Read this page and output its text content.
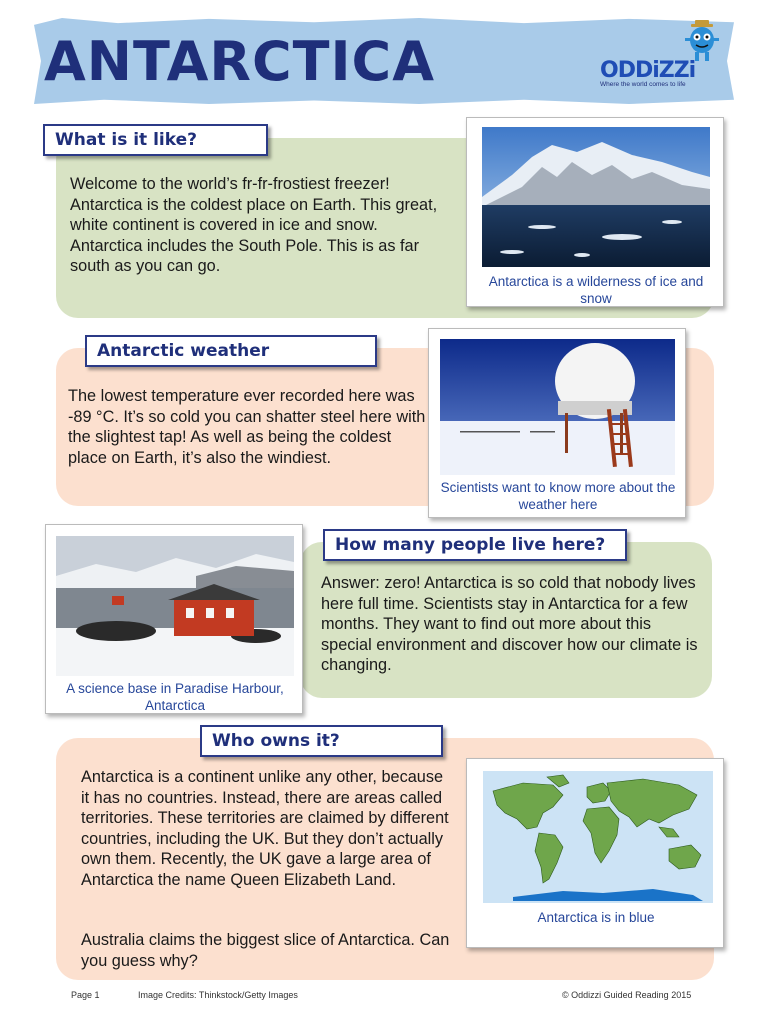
ANTARCTICA	ODDiZZi
Where the world comes to life
What is it like?
Welcome to the world’s fr-fr-frostiest freezer! Antarctica is the coldest place on Earth. This great, white continent is covered in ice and snow. Antarctica includes the South Pole. This is as far south as you can go.
Antarctica is a wilderness of ice and snow
Antarctic weather
The lowest temperature ever recorded here was -89 °C. It’s so cold you can shatter steel here with the slightest tap! As well as being the coldest place on Earth, it’s also the windiest.
Scientists want to know more about the weather here
How many people live here?
Answer: zero! Antarctica is so cold that nobody lives here full time. Scientists stay in Antarctica for a few months. They want to find out more about this special environment and discover how our climate is changing.
A science base in Paradise Harbour, Antarctica
Who owns it?
Antarctica is a continent unlike any other, because it has no countries. Instead, there are areas called territories. These territories are claimed by different countries, including the UK. But they don’t actually own them. Recently, the UK gave a large area of Antarctica the name Queen Elizabeth Land.
Australia claims the biggest slice of Antarctica. Can you guess why?
Antarctica is in blue
Page 1	Image Credits: Thinkstock/Getty Images	© Oddizzi Guided Reading 2015
